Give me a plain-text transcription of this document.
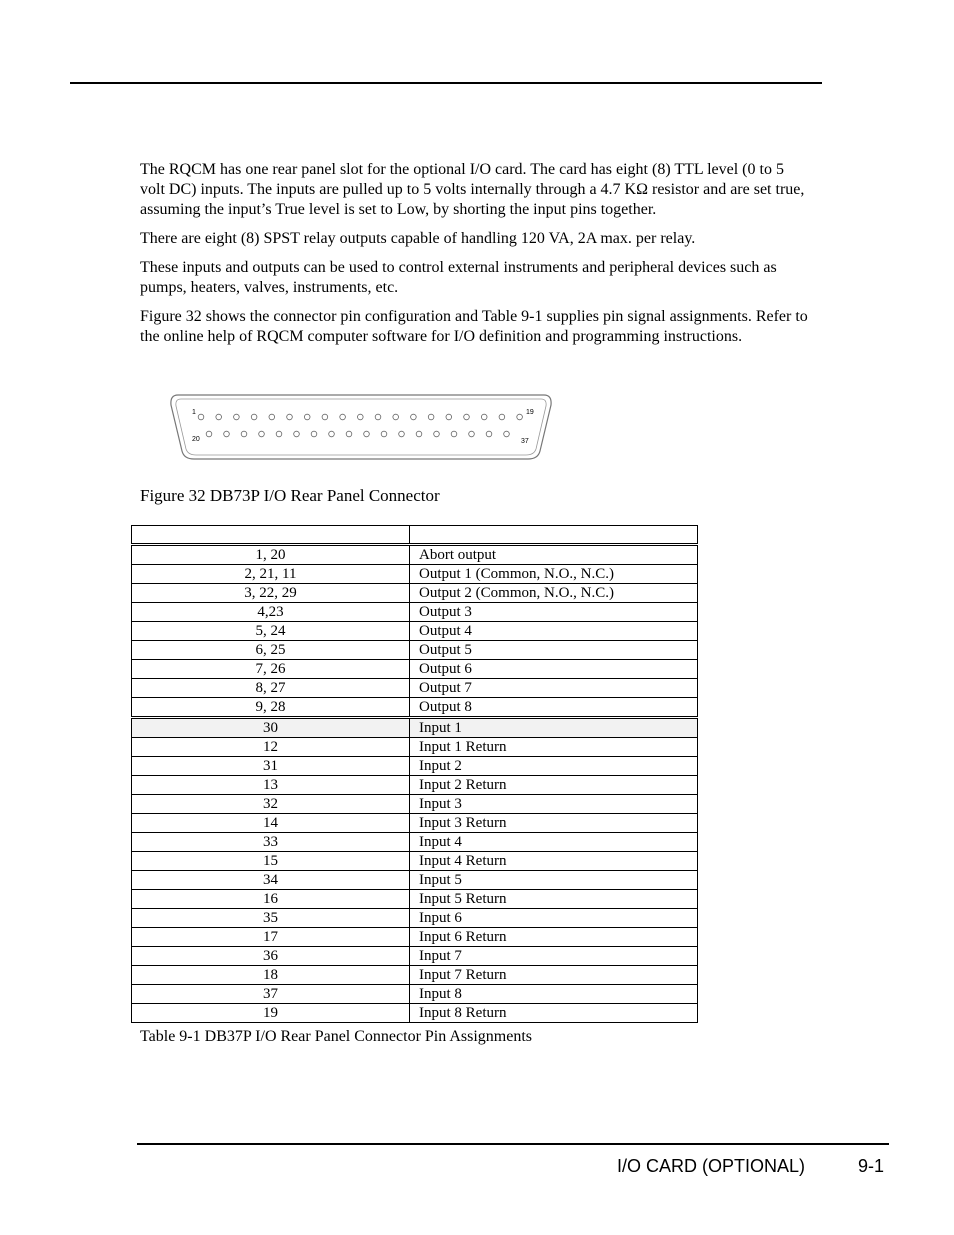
The RQCM has one rear panel slot for the optional I/O card. The card has eight (8) TTL level (0 to 5 volt DC) inputs. The inputs are pulled up to 5 volts internally through a 4.7 KΩ resistor and are set true, assuming the input’s True level is set to Low, by shorting the input pins together.

There are eight (8) SPST relay outputs capable of handling 120 VA, 2A max. per relay.

These inputs and outputs can be used to control external instruments and peripheral devices such as pumps, heaters, valves, instruments, etc.

Figure 32 shows the connector pin configuration and Table 9-1 supplies pin signal assignments. Refer to the online help of RQCM computer software for I/O definition and programming instructions.

1	19
20	37
Figure 32 DB73P I/O Rear Panel Connector

1, 20	Abort output
2, 21, 11	Output 1 (Common, N.O., N.C.)
3, 22, 29	Output 2 (Common, N.O., N.C.)
4,23	Output 3
5, 24	Output 4
6, 25	Output 5
7, 26	Output 6
8, 27	Output 7
9, 28	Output 8
30	Input 1
12	Input 1 Return
31	Input 2
13	Input 2 Return
32	Input 3
14	Input 3 Return
33	Input 4
15	Input 4 Return
34	Input 5
16	Input 5 Return
35	Input 6
17	Input 6 Return
36	Input 7
18	Input 7 Return
37	Input 8
19	Input 8 Return
Table 9-1 DB37P I/O Rear Panel Connector Pin Assignments
I/O CARD (OPTIONAL)	9-1
